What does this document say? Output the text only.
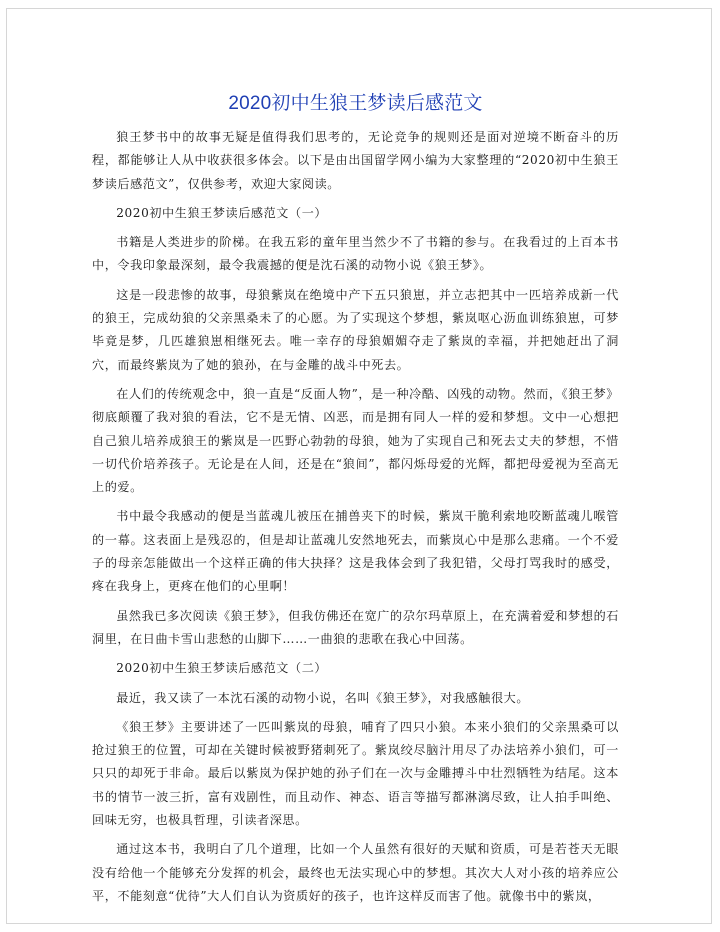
2020初中生狼王梦读后感范文

狼王梦书中的故事无疑是值得我们思考的，无论竞争的规则还是面对逆境不断奋斗的历程，都能够让人从中收获很多体会。以下是由出国留学网小编为大家整理的“2020初中生狼王梦读后感范文”，仅供参考，欢迎大家阅读。

2020初中生狼王梦读后感范文（一）

书籍是人类进步的阶梯。在我五彩的童年里当然少不了书籍的参与。在我看过的上百本书中，令我印象最深刻，最令我震撼的便是沈石溪的动物小说《狼王梦》。

这是一段悲惨的故事，母狼紫岚在绝境中产下五只狼崽，并立志把其中一匹培养成新一代的狼王，完成幼狼的父亲黑桑未了的心愿。为了实现这个梦想，紫岚呕心沥血训练狼崽，可梦毕竟是梦，几匹雄狼崽相继死去。唯一幸存的母狼媚媚夺走了紫岚的幸福，并把她赶出了洞穴，而最终紫岚为了她的狼孙，在与金雕的战斗中死去。

在人们的传统观念中，狼一直是“反面人物”，是一种冷酷、凶残的动物。然而，《狼王梦》彻底颠覆了我对狼的看法，它不是无情、凶恶，而是拥有同人一样的爱和梦想。文中一心想把自己狼儿培养成狼王的紫岚是一匹野心勃勃的母狼，她为了实现自己和死去丈夫的梦想，不惜一切代价培养孩子。无论是在人间，还是在“狼间”，都闪烁母爱的光辉，都把母爱视为至高无上的爱。

书中最令我感动的便是当蓝魂儿被压在捕兽夹下的时候，紫岚干脆利索地咬断蓝魂儿喉管的一幕。这表面上是残忍的，但是却让蓝魂儿安然地死去，而紫岚心中是那么悲痛。一个不爱子的母亲怎能做出一个这样正确的伟大抉择？这是我体会到了我犯错，父母打骂我时的感受，疼在我身上，更疼在他们的心里啊！

虽然我已多次阅读《狼王梦》，但我仿佛还在宽广的尕尔玛草原上，在充满着爱和梦想的石洞里，在日曲卡雪山悲愁的山脚下……一曲狼的悲歌在我心中回荡。

2020初中生狼王梦读后感范文（二）

最近，我又读了一本沈石溪的动物小说，名叫《狼王梦》，对我感触很大。

《狼王梦》主要讲述了一匹叫紫岚的母狼，哺育了四只小狼。本来小狼们的父亲黑桑可以抢过狼王的位置，可却在关键时候被野猪刺死了。紫岚绞尽脑汁用尽了办法培养小狼们，可一只只的却死于非命。最后以紫岚为保护她的孙子们在一次与金雕搏斗中壮烈牺牲为结尾。这本书的情节一波三折，富有戏剧性，而且动作、神态、语言等描写都淋漓尽致，让人拍手叫绝、回味无穷，也极具哲理，引读者深思。

通过这本书，我明白了几个道理，比如一个人虽然有很好的天赋和资质，可是若苍天无眼没有给他一个能够充分发挥的机会，最终也无法实现心中的梦想。其次大人对小孩的培养应公平，不能刻意“优待”大人们自认为资质好的孩子，也许这样反而害了他。就像书中的紫岚，
